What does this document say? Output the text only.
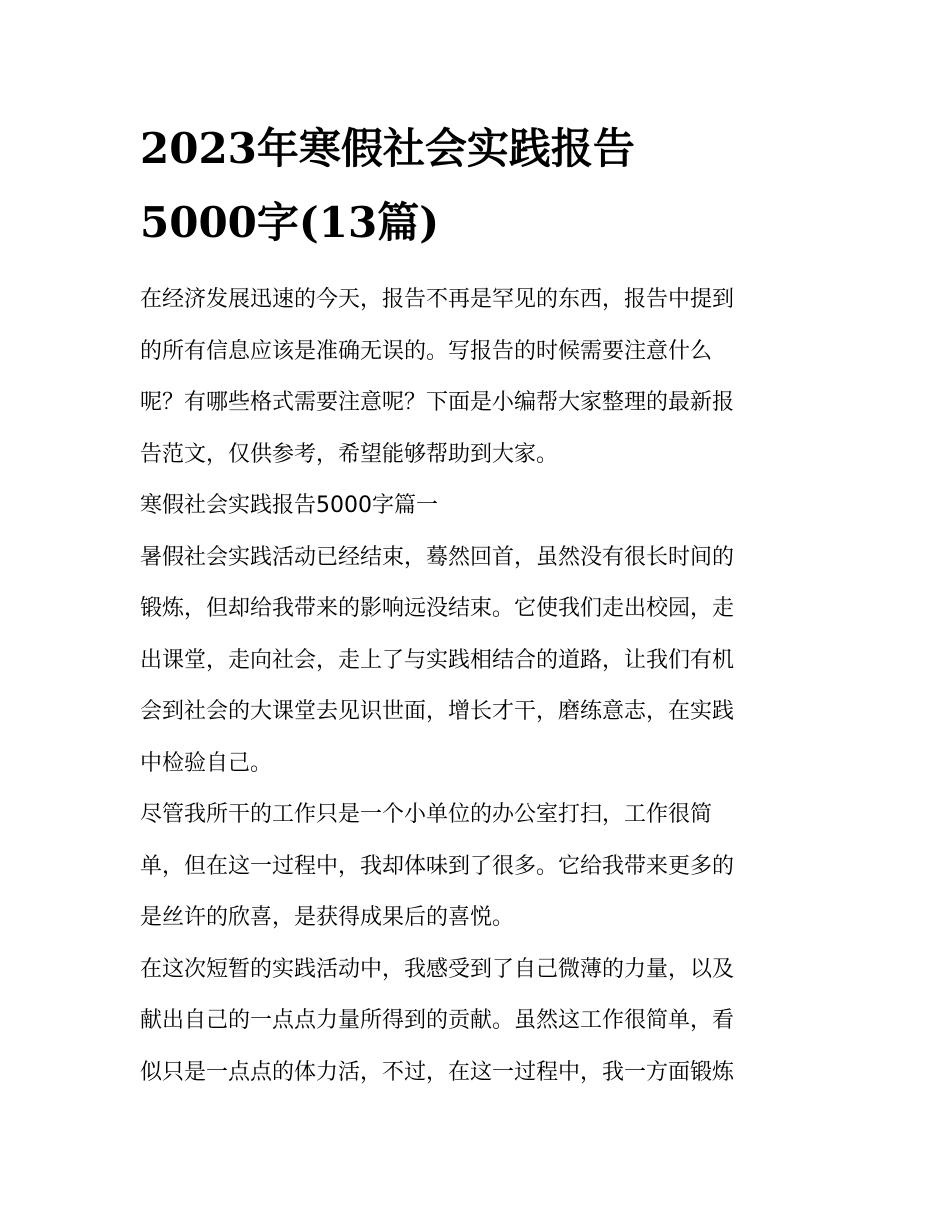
2023年寒假社会实践报告
5000字(13篇)

在经济发展迅速的今天，报告不再是罕见的东西，报告中提到
的所有信息应该是准确无误的。写报告的时候需要注意什么
呢？有哪些格式需要注意呢？下面是小编帮大家整理的最新报
告范文，仅供参考，希望能够帮助到大家。

寒假社会实践报告5000字篇一

暑假社会实践活动已经结束，蓦然回首，虽然没有很长时间的
锻炼，但却给我带来的影响远没结束。它使我们走出校园，走
出课堂，走向社会，走上了与实践相结合的道路，让我们有机
会到社会的大课堂去见识世面，增长才干，磨练意志，在实践
中检验自己。

尽管我所干的工作只是一个小单位的办公室打扫，工作很简
单，但在这一过程中，我却体味到了很多。它给我带来更多的
是丝许的欣喜，是获得成果后的喜悦。

在这次短暂的实践活动中，我感受到了自己微薄的力量，以及
献出自己的一点点力量所得到的贡献。虽然这工作很简单，看
似只是一点点的体力活，不过，在这一过程中，我一方面锻炼
